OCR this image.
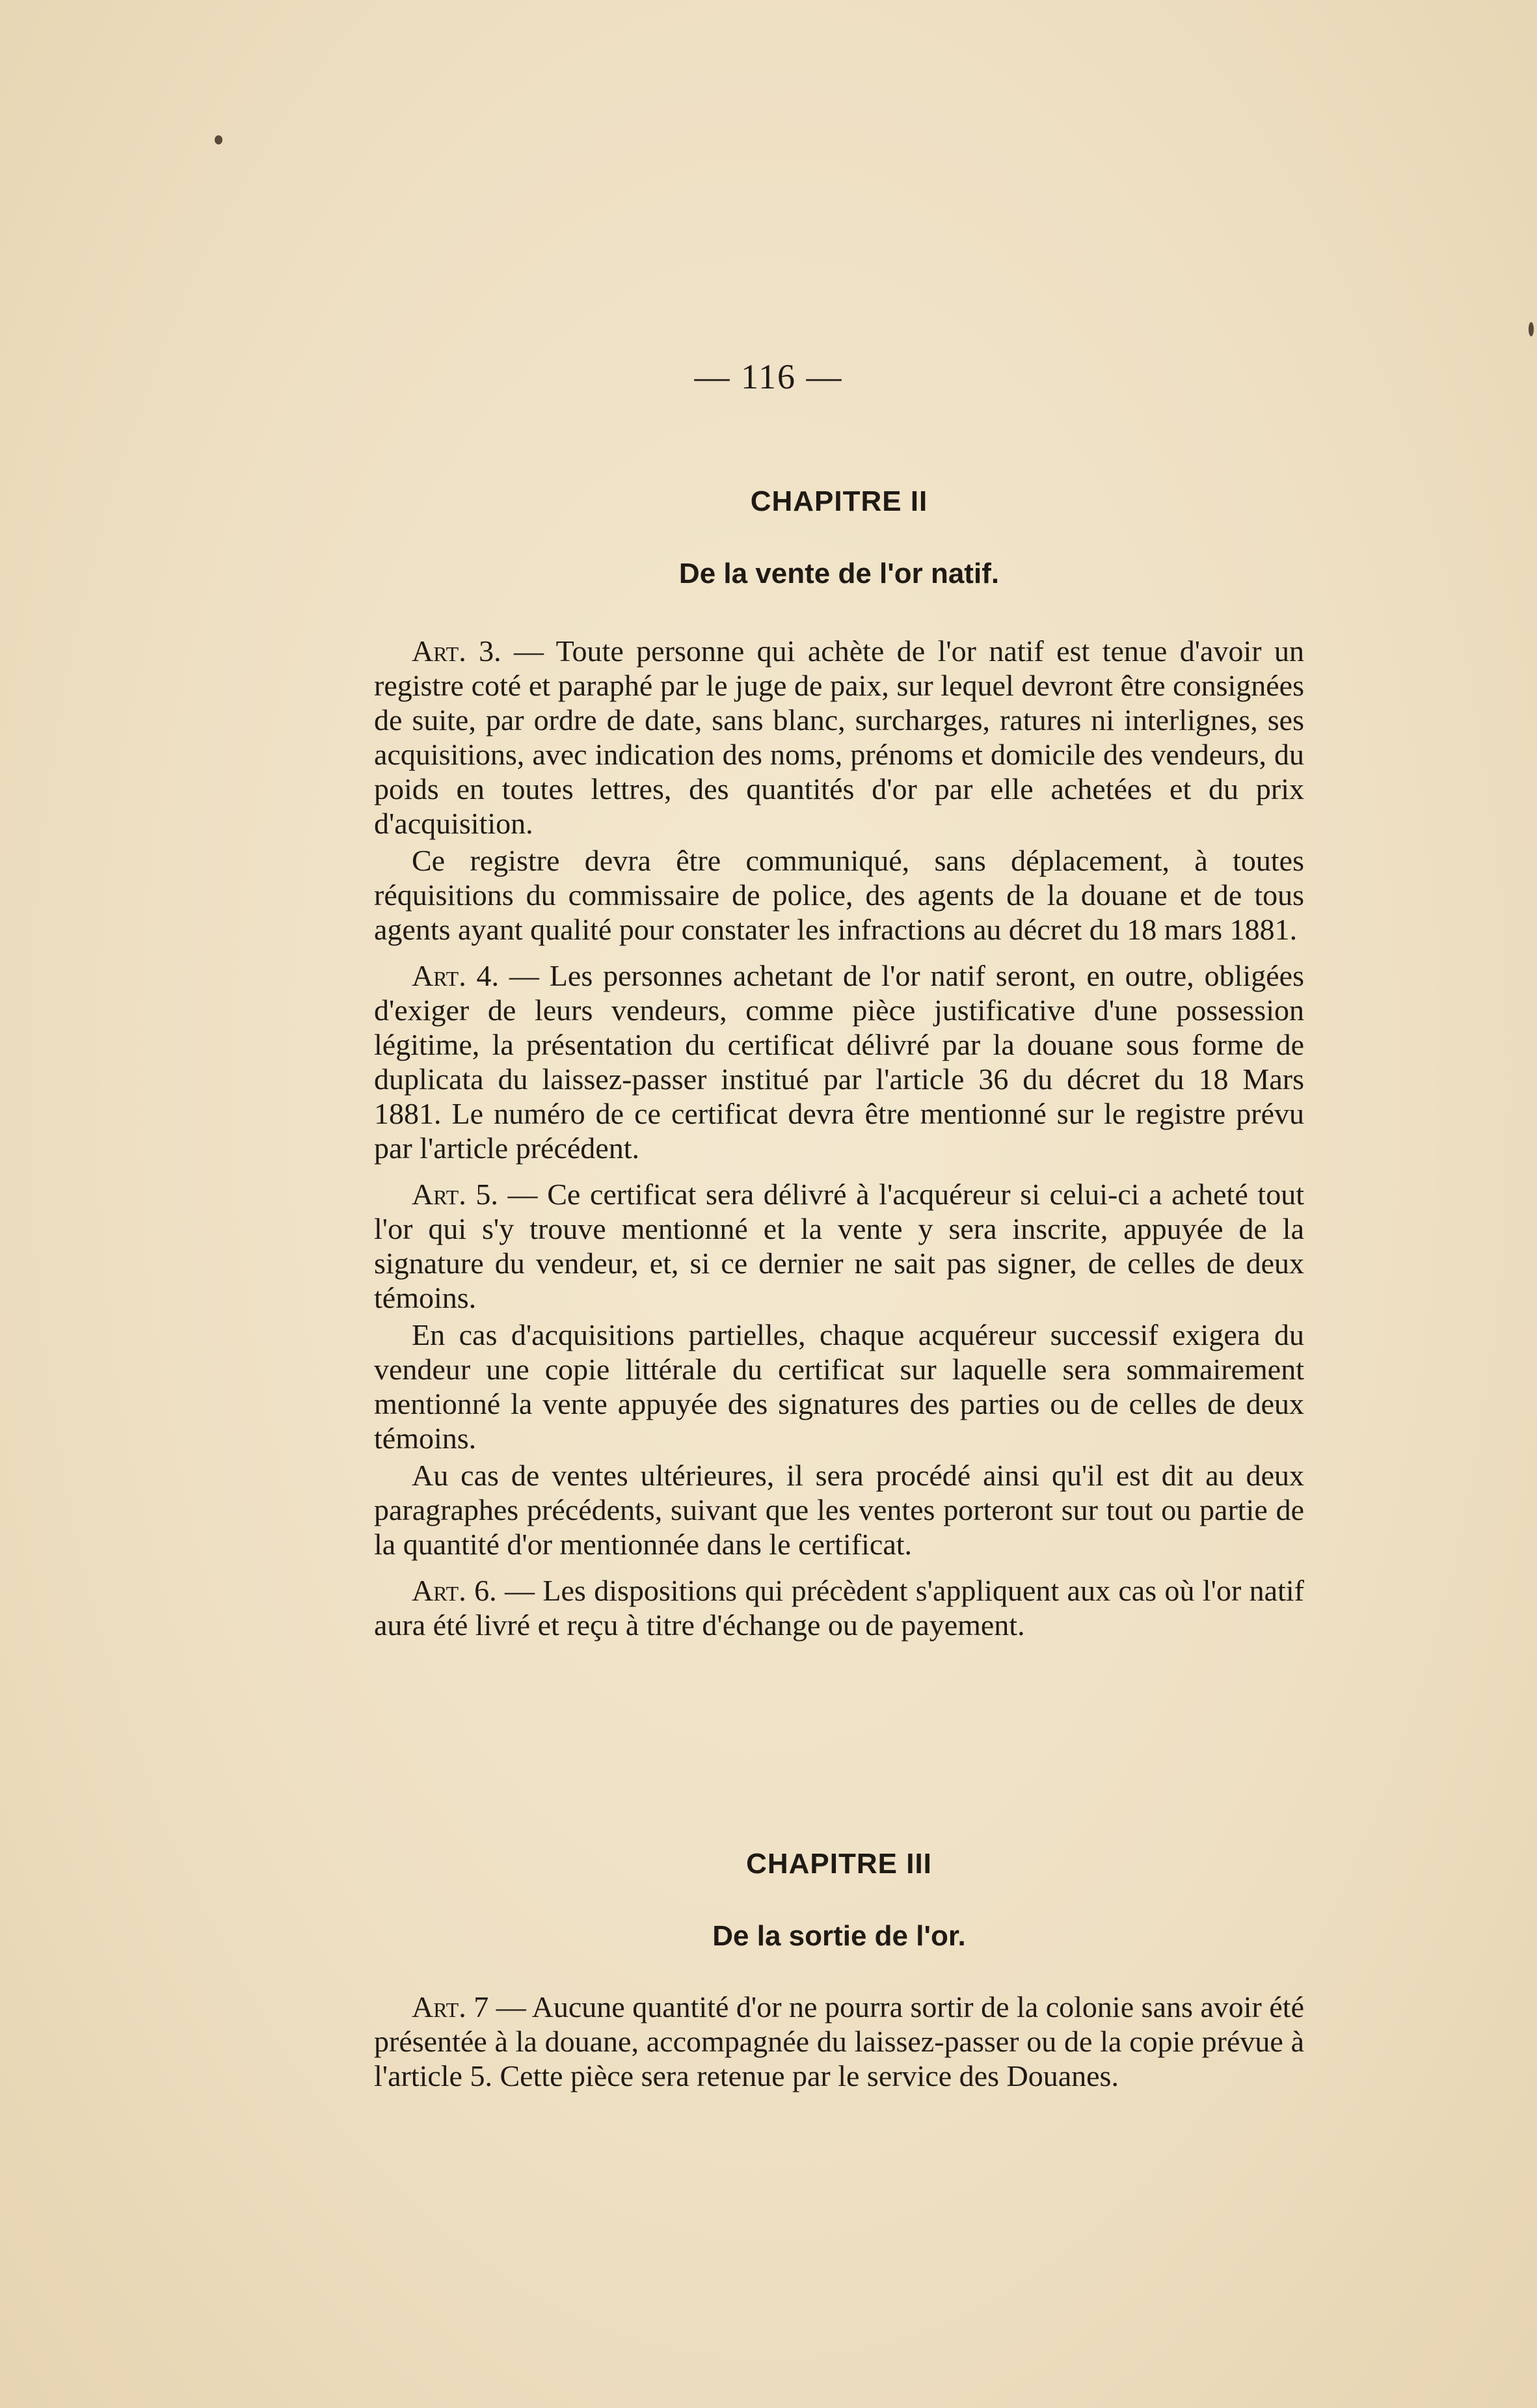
— 116 —
CHAPITRE II
De la vente de l'or natif.

Art. 3. — Toute personne qui achète de l'or natif est tenue d'avoir un registre coté et paraphé par le juge de paix, sur lequel devront être consignées de suite, par ordre de date, sans blanc, surcharges, ratures ni interlignes, ses acquisitions, avec indication des noms, prénoms et domicile des vendeurs, du poids en toutes lettres, des quantités d'or par elle achetées et du prix d'acquisition.

Ce registre devra être communiqué, sans déplacement, à toutes réquisitions du commissaire de police, des agents de la douane et de tous agents ayant qualité pour constater les infractions au décret du 18 mars 1881.

Art. 4. — Les personnes achetant de l'or natif seront, en outre, obligées d'exiger de leurs vendeurs, comme pièce justificative d'une possession légitime, la présentation du certificat délivré par la douane sous forme de duplicata du laissez-passer institué par l'article 36 du décret du 18 Mars 1881. Le numéro de ce certificat devra être mentionné sur le registre prévu par l'article précédent.

Art. 5. — Ce certificat sera délivré à l'acquéreur si celui-ci a acheté tout l'or qui s'y trouve mentionné et la vente y sera inscrite, appuyée de la signature du vendeur, et, si ce dernier ne sait pas signer, de celles de deux témoins.

En cas d'acquisitions partielles, chaque acquéreur successif exigera du vendeur une copie littérale du certificat sur laquelle sera sommairement mentionné la vente appuyée des signatures des parties ou de celles de deux témoins.

Au cas de ventes ultérieures, il sera procédé ainsi qu'il est dit au deux paragraphes précédents, suivant que les ventes porteront sur tout ou partie de la quantité d'or mentionnée dans le certificat.

Art. 6. — Les dispositions qui précèdent s'appliquent aux cas où l'or natif aura été livré et reçu à titre d'échange ou de payement.

CHAPITRE III
De la sortie de l'or.

Art. 7 — Aucune quantité d'or ne pourra sortir de la colonie sans avoir été présentée à la douane, accompagnée du laissez-passer ou de la copie prévue à l'article 5. Cette pièce sera retenue par le service des Douanes.
